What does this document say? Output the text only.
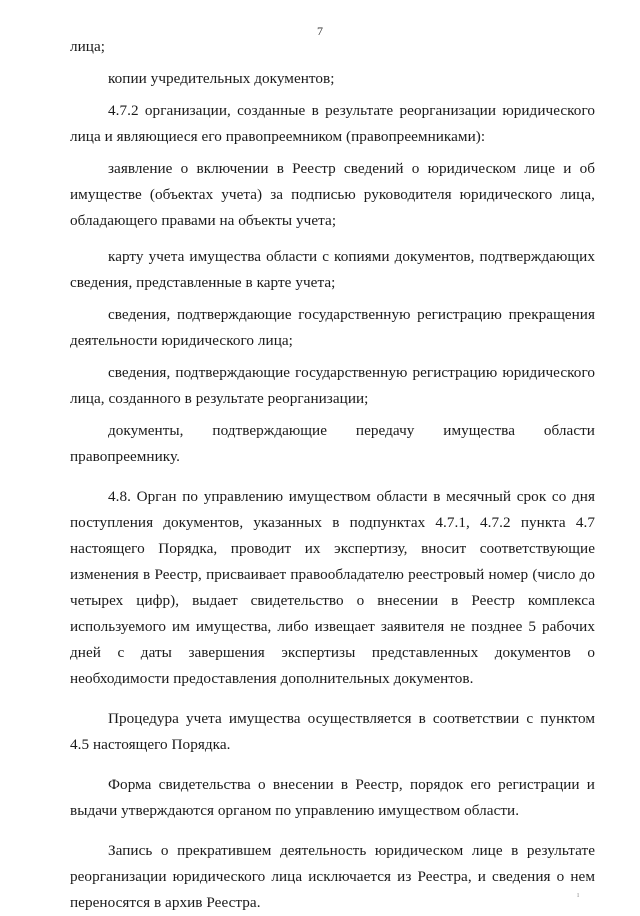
7

лица;

копии учредительных документов;

4.7.2 организации, созданные в результате реорганизации юридического лица и являющиеся его правопреемником (правопреемниками):

заявление о включении в Реестр сведений о юридическом лице и об имуществе (объектах учета) за подписью руководителя юридического лица, обладающего правами на объекты учета;

карту учета имущества области с копиями документов, подтверждающих сведения, представленные в карте учета;

сведения, подтверждающие государственную регистрацию прекращения деятельности юридического лица;

сведения, подтверждающие государственную регистрацию юридического лица, созданного в результате реорганизации;

документы, подтверждающие передачу имущества области правопреемнику.

4.8. Орган по управлению имуществом области в месячный срок со дня поступления документов, указанных в подпунктах 4.7.1, 4.7.2 пункта 4.7 настоящего Порядка, проводит их экспертизу, вносит соответствующие изменения в Реестр, присваивает правообладателю реестровый номер (число до четырех цифр), выдает свидетельство о внесении в Реестр комплекса используемого им имущества, либо извещает заявителя не позднее 5 рабочих дней с даты завершения экспертизы представленных документов о необходимости предоставления дополнительных документов.

Процедура учета имущества осуществляется в соответствии с пунктом 4.5 настоящего Порядка.

Форма свидетельства о внесении в Реестр, порядок его регистрации и выдачи утверждаются органом по управлению имуществом области.

Запись о прекратившем деятельность юридическом лице в результате реорганизации юридического лица исключается из Реестра, и сведения о нем переносятся в архив Реестра.	ı
